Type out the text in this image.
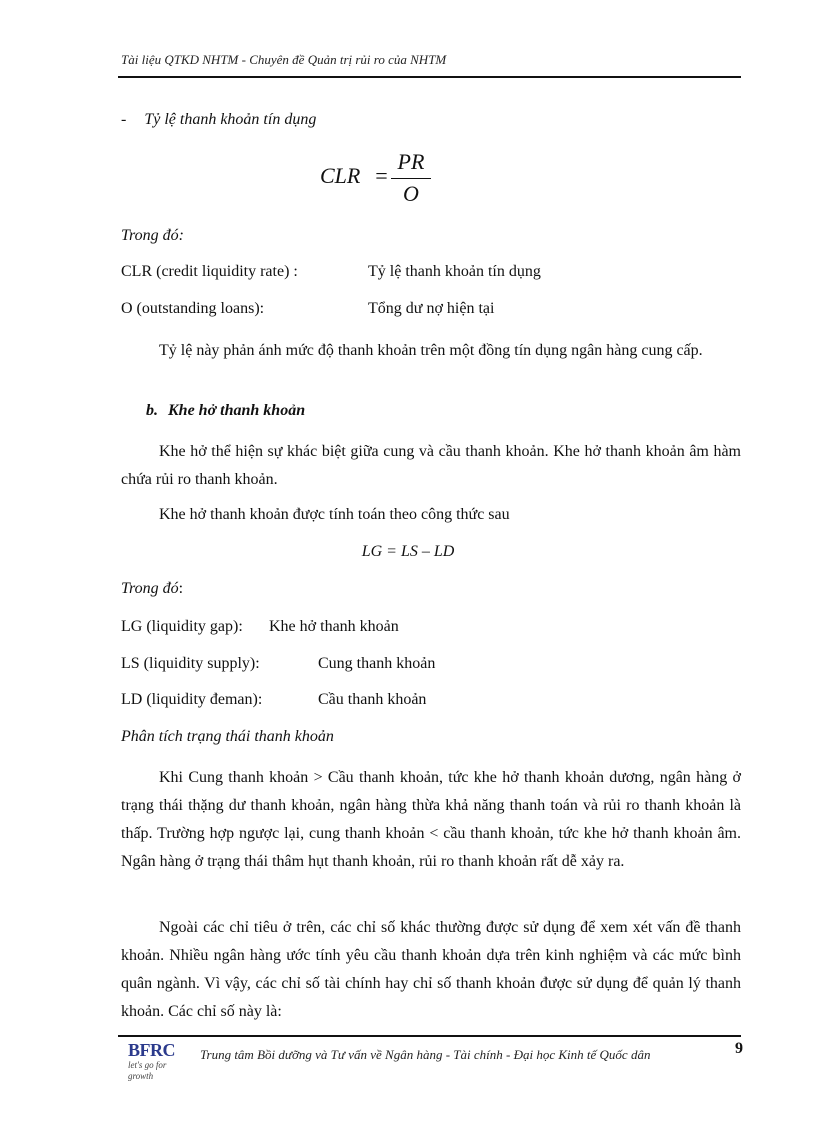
Tài liệu QTKD NHTM - Chuyên đề Quản trị rủi ro của NHTM
- Tỷ lệ thanh khoản tín dụng
CLR =
PR
O
Trong đó:
CLR (credit liquidity rate) :	Tỷ lệ thanh khoản tín dụng
O (outstanding loans):	Tổng dư nợ hiện tại
Tỷ lệ này phản ánh mức độ thanh khoản trên một đồng tín dụng ngân hàng cung cấp.
b. Khe hở thanh khoản
Khe hở thể hiện sự khác biệt giữa cung và cầu thanh khoản. Khe hở thanh khoản âm hàm chứa rủi ro thanh khoản.
Khe hở thanh khoản được tính toán theo công thức sau
LG = LS – LD
Trong đó:
LG (liquidity gap): Khe hở thanh khoản
LS (liquidity supply):	Cung thanh khoản
LD (liquidity đeman):	Cầu thanh khoản
Phân tích trạng thái thanh khoản
Khi Cung thanh khoản > Cầu thanh khoản, tức khe hở thanh khoản dương, ngân hàng ở trạng thái thặng dư thanh khoản, ngân hàng thừa khả năng thanh toán và rủi ro thanh khoản là thấp. Trường hợp ngược lại, cung thanh khoản < cầu thanh khoản, tức khe hở thanh khoản âm. Ngân hàng ở trạng thái thâm hụt thanh khoản, rủi ro thanh khoản rất dễ xảy ra.
Ngoài các chỉ tiêu ở trên, các chỉ số khác thường được sử dụng để xem xét vấn đề thanh khoản. Nhiều ngân hàng ước tính yêu cầu thanh khoản dựa trên kinh nghiệm và các mức bình quân ngành. Vì vậy, các chỉ số tài chính hay chỉ số thanh khoản được sử dụng để quản lý thanh khoản. Các chỉ số này là:
BFRC
let's go for growth
Trung tâm Bồi dưỡng và Tư vấn về Ngân hàng - Tài chính - Đại học Kinh tế Quốc dân	9
